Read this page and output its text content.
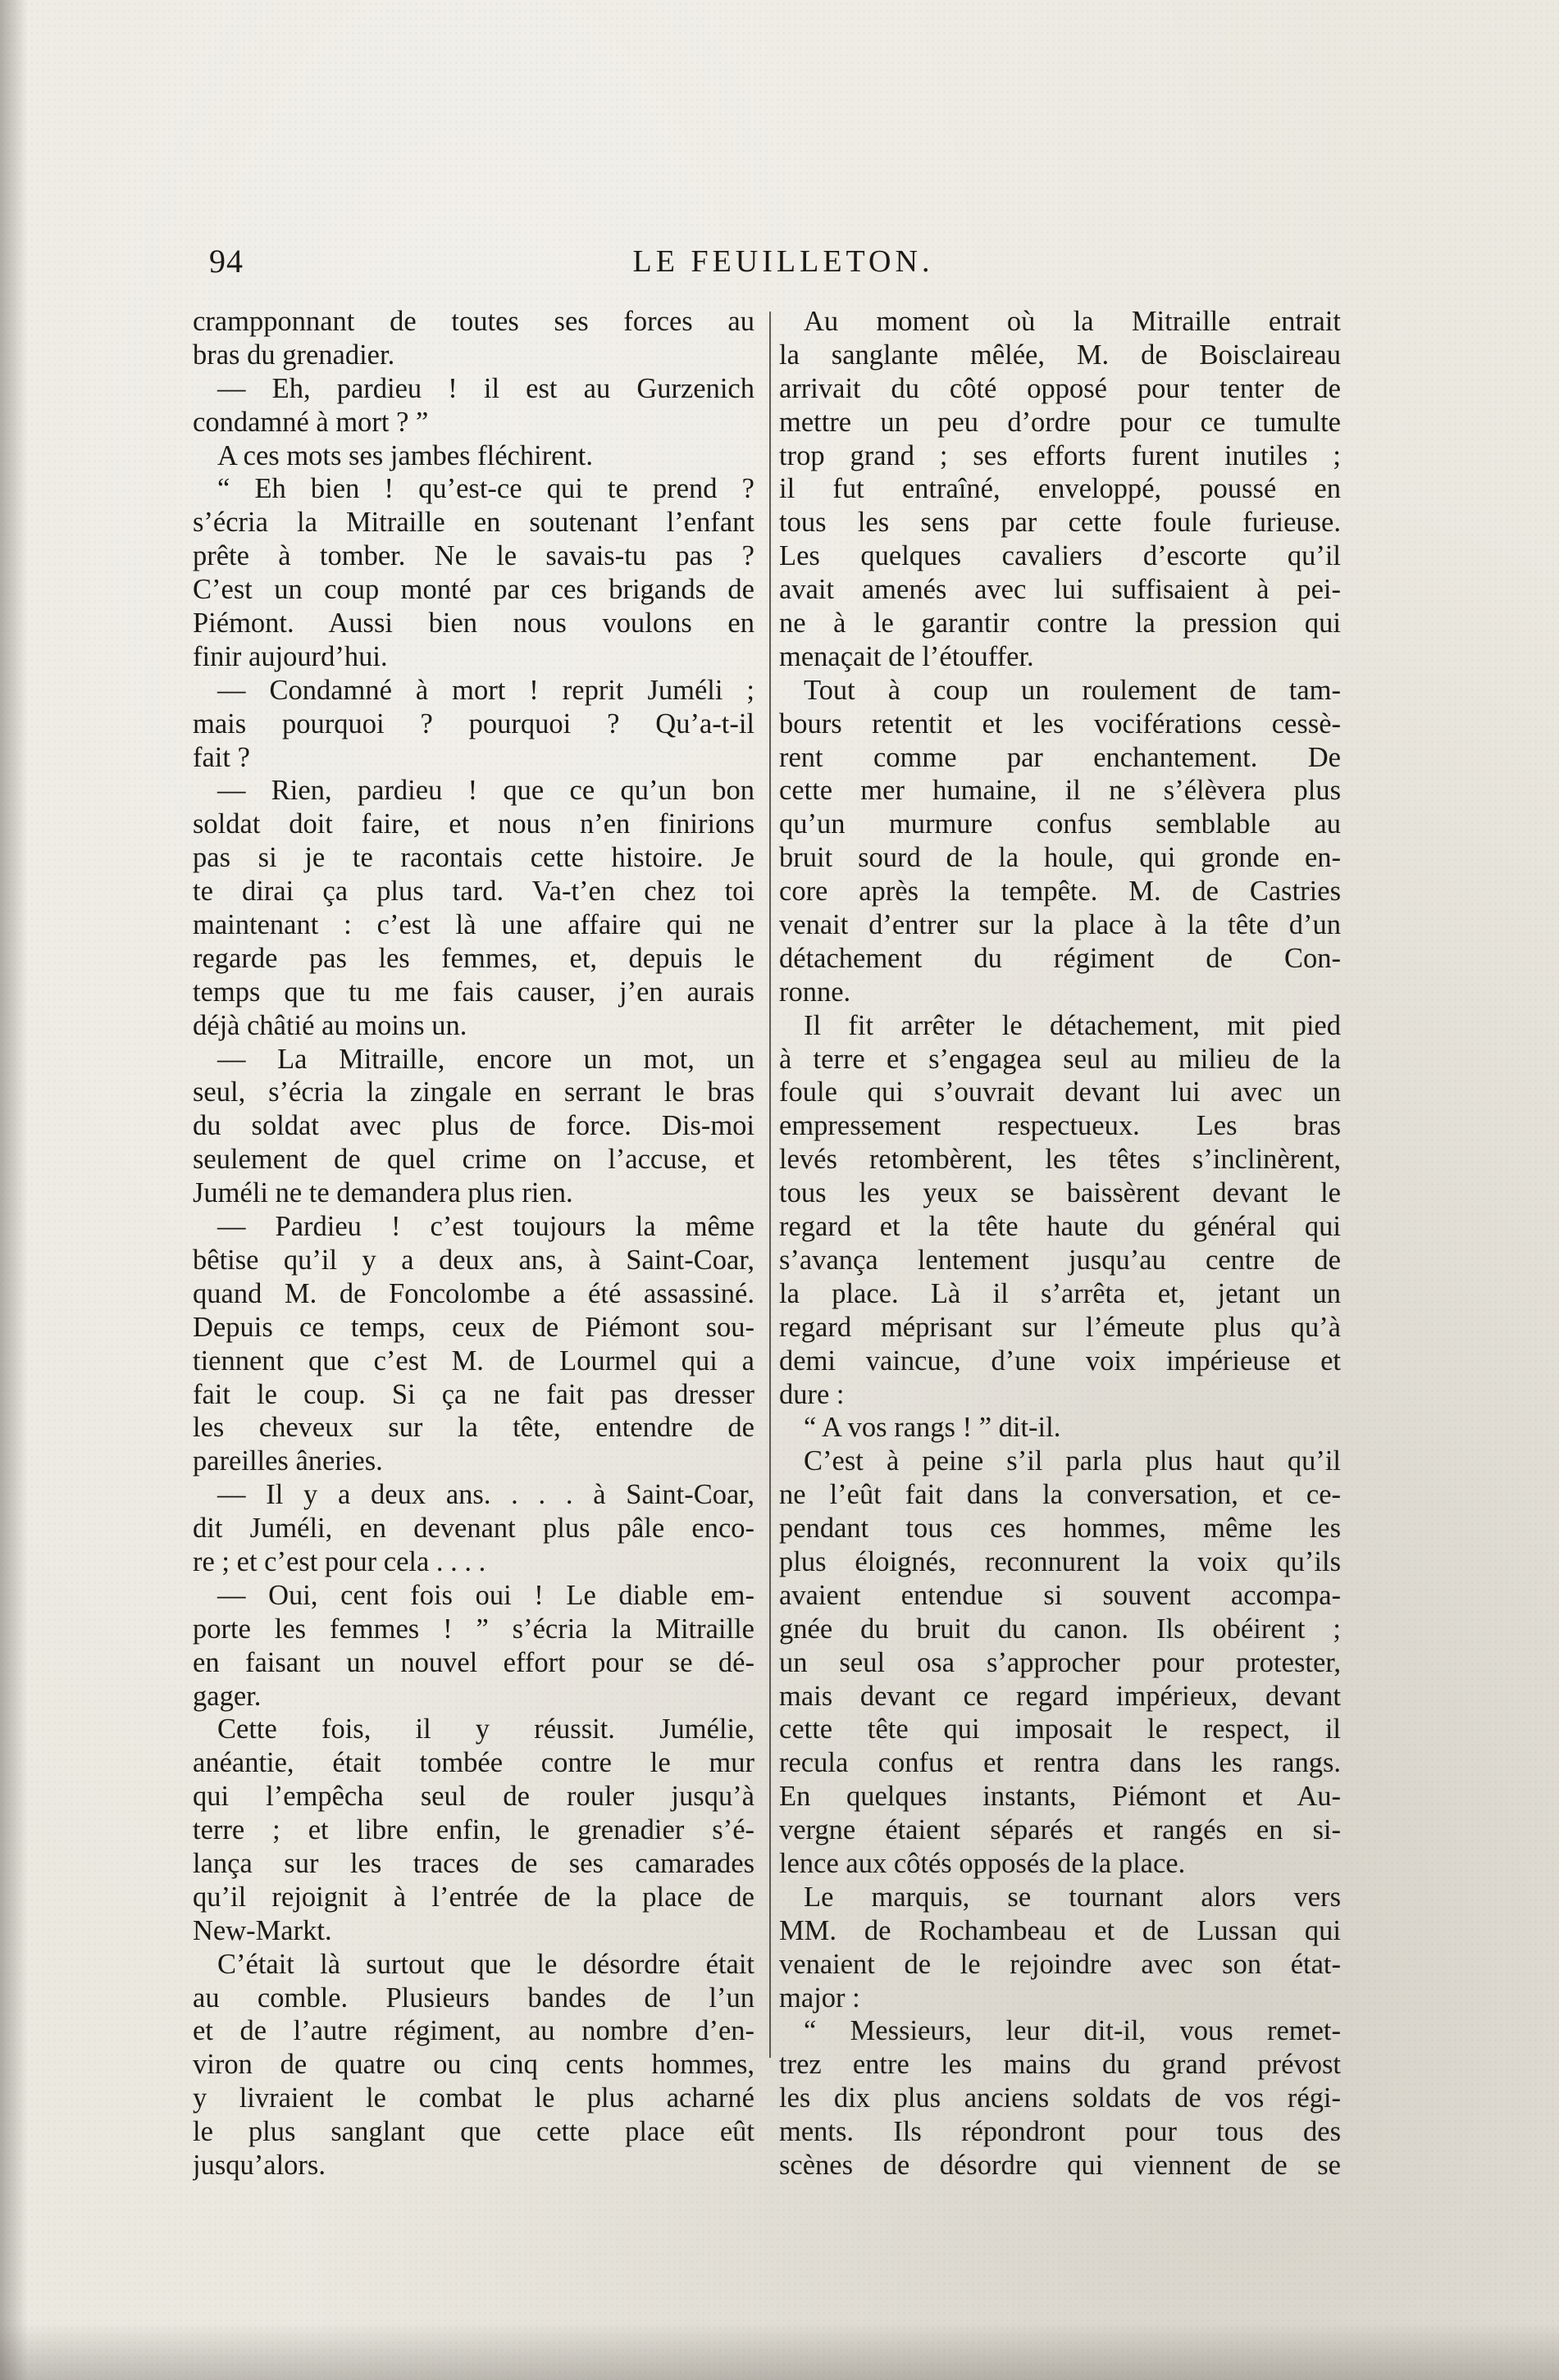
94	LE FEUILLETON.
crampponnant de toutes ses forces au
bras du grenadier.
— Eh, pardieu ! il est au Gurzenich
condamné à mort ? ”
A ces mots ses jambes fléchirent.
“ Eh bien ! qu’est-ce qui te prend ?
s’écria la Mitraille en soutenant l’enfant
prête à tomber. Ne le savais-tu pas ?
C’est un coup monté par ces brigands de
Piémont. Aussi bien nous voulons en
finir aujourd’hui.
— Condamné à mort ! reprit Juméli ;
mais pourquoi ? pourquoi ? Qu’a-t-il
fait ?
— Rien, pardieu ! que ce qu’un bon
soldat doit faire, et nous n’en finirions
pas si je te racontais cette histoire. Je
te dirai ça plus tard. Va-t’en chez toi
maintenant : c’est là une affaire qui ne
regarde pas les femmes, et, depuis le
temps que tu me fais causer, j’en aurais
déjà châtié au moins un.
— La Mitraille, encore un mot, un
seul, s’écria la zingale en serrant le bras
du soldat avec plus de force. Dis-moi
seulement de quel crime on l’accuse, et
Juméli ne te demandera plus rien.
— Pardieu ! c’est toujours la même
bêtise qu’il y a deux ans, à Saint-Coar,
quand M. de Foncolombe a été assassiné.
Depuis ce temps, ceux de Piémont sou-
tiennent que c’est M. de Lourmel qui a
fait le coup. Si ça ne fait pas dresser
les cheveux sur la tête, entendre de
pareilles âneries.
— Il y a deux ans. . . . à Saint-Coar,
dit Juméli, en devenant plus pâle enco-
re ; et c’est pour cela . . . .
— Oui, cent fois oui ! Le diable em-
porte les femmes ! ” s’écria la Mitraille
en faisant un nouvel effort pour se dé-
gager.
Cette fois, il y réussit. Jumélie,
anéantie, était tombée contre le mur
qui l’empêcha seul de rouler jusqu’à
terre ; et libre enfin, le grenadier s’é-
lança sur les traces de ses camarades
qu’il rejoignit à l’entrée de la place de
New-Markt.
C’était là surtout que le désordre était
au comble. Plusieurs bandes de l’un
et de l’autre régiment, au nombre d’en-
viron de quatre ou cinq cents hommes,
y livraient le combat le plus acharné
le plus sanglant que cette place eût
jusqu’alors.
Au moment où la Mitraille entrait
la sanglante mêlée, M. de Boisclaireau
arrivait du côté opposé pour tenter de
mettre un peu d’ordre pour ce tumulte
trop grand ; ses efforts furent inutiles ;
il fut entraîné, enveloppé, poussé en
tous les sens par cette foule furieuse.
Les quelques cavaliers d’escorte qu’il
avait amenés avec lui suffisaient à pei-
ne à le garantir contre la pression qui
menaçait de l’étouffer.
Tout à coup un roulement de tam-
bours retentit et les vociférations cessè-
rent comme par enchantement. De
cette mer humaine, il ne s’élèvera plus
qu’un murmure confus semblable au
bruit sourd de la houle, qui gronde en-
core après la tempête. M. de Castries
venait d’entrer sur la place à la tête d’un
détachement du régiment de Con-
ronne.
Il fit arrêter le détachement, mit pied
à terre et s’engagea seul au milieu de la
foule qui s’ouvrait devant lui avec un
empressement respectueux. Les bras
levés retombèrent, les têtes s’inclinèrent,
tous les yeux se baissèrent devant le
regard et la tête haute du général qui
s’avança lentement jusqu’au centre de
la place. Là il s’arrêta et, jetant un
regard méprisant sur l’émeute plus qu’à
demi vaincue, d’une voix impérieuse et
dure :
“ A vos rangs ! ” dit-il.
C’est à peine s’il parla plus haut qu’il
ne l’eût fait dans la conversation, et ce-
pendant tous ces hommes, même les
plus éloignés, reconnurent la voix qu’ils
avaient entendue si souvent accompa-
gnée du bruit du canon. Ils obéirent ;
un seul osa s’approcher pour protester,
mais devant ce regard impérieux, devant
cette tête qui imposait le respect, il
recula confus et rentra dans les rangs.
En quelques instants, Piémont et Au-
vergne étaient séparés et rangés en si-
lence aux côtés opposés de la place.
Le marquis, se tournant alors vers
MM. de Rochambeau et de Lussan qui
venaient de le rejoindre avec son état-
major :
“ Messieurs, leur dit-il, vous remet-
trez entre les mains du grand prévost
les dix plus anciens soldats de vos régi-
ments. Ils répondront pour tous des
scènes de désordre qui viennent de se
